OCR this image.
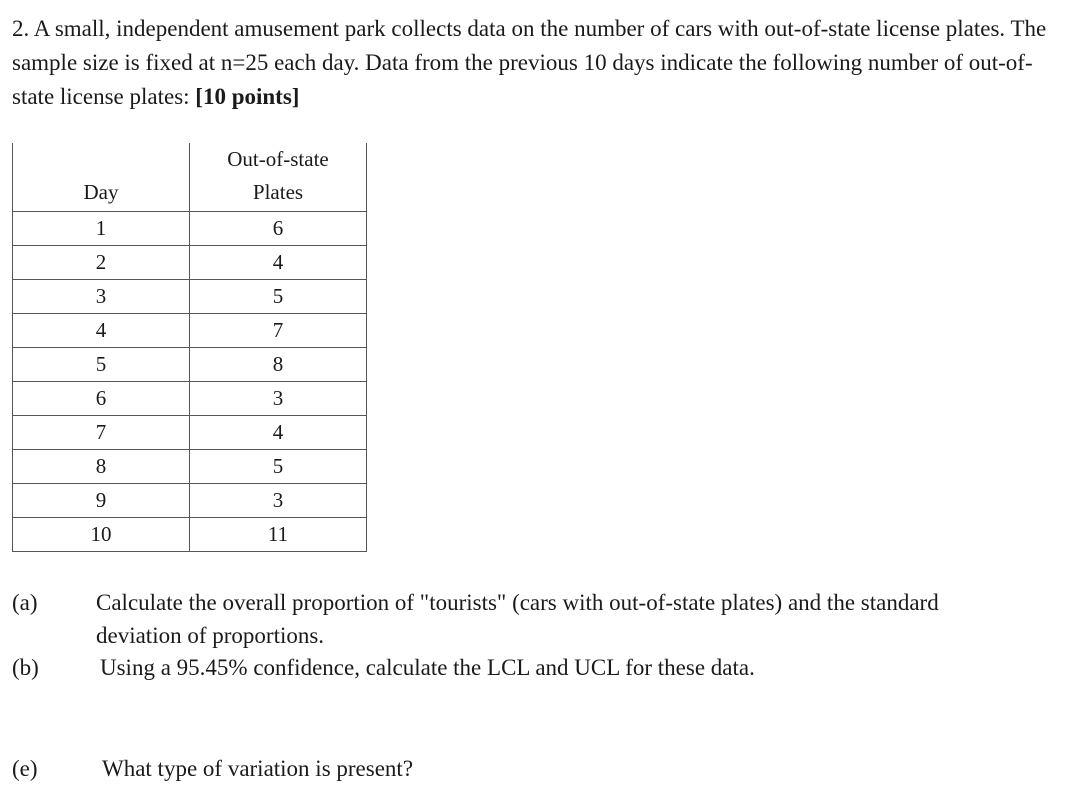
2. A small, independent amusement park collects data on the number of cars with out-of-state license plates. The sample size is fixed at n=25 each day. Data from the previous 10 days indicate the following number of out-of-state license plates: [10 points]
Day	Out-of-state
Plates
1	6
2	4
3	5
4	7
5	8
6	3
7	4
8	5
9	3
10	11
(a)	Calculate the overall proportion of "tourists" (cars with out-of-state plates) and the standard deviation of proportions.
(b)	Using a 95.45% confidence, calculate the LCL and UCL for these data.
(e)	What type of variation is present?
